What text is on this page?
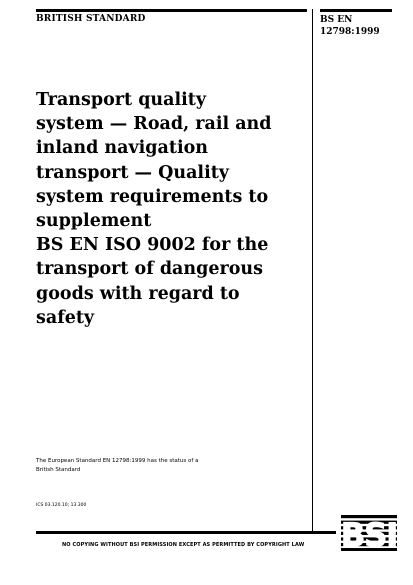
BRITISH STANDARD	BS EN
12798:1999
Transport quality
system — Road, rail and
inland navigation
transport — Quality
system requirements to
supplement
BS EN ISO 9002 for the
transport of dangerous
goods with regard to
safety
The European Standard EN 12798:1999 has the status of a
British Standard
ICS 03.120.10; 13.300
NO COPYING WITHOUT BSI PERMISSION EXCEPT AS PERMITTED BY COPYRIGHT LAW BSI
